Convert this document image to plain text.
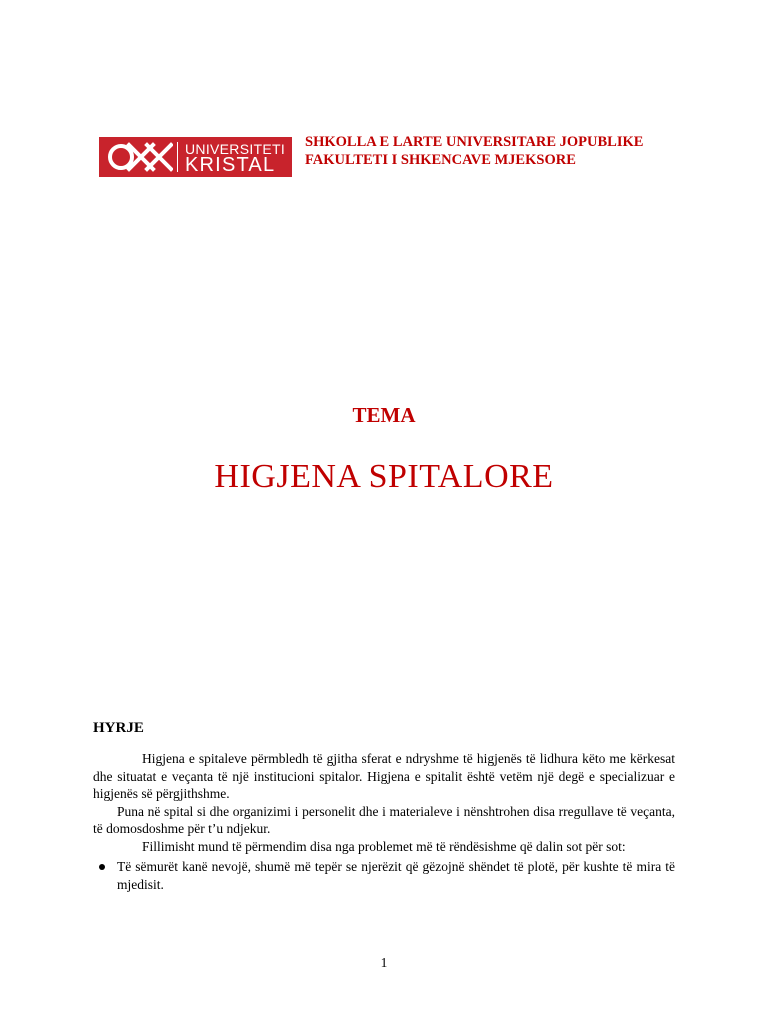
UNIVERSITETI
KRISTAL
SHKOLLA E LARTE UNIVERSITARE JOPUBLIKE
FAKULTETI I SHKENCAVE MJEKSORE
TEMA
HIGJENA SPITALORE
HYRJE

Higjena e spitaleve përmbledh të gjitha sferat e ndryshme të higjenës të lidhura këto me kërkesat dhe situatat e veçanta të një institucioni spitalor. Higjena e spitalit është vetëm një degë e specializuar e higjenës së përgjithshme.

Puna në spital si dhe organizimi i personelit dhe i materialeve i nënshtrohen disa rregullave të veçanta, të domosdoshme për t’u ndjekur.

Fillimisht mund të përmendim disa nga problemet më të rëndësishme që dalin sot për sot:

Të sëmurët kanë nevojë, shumë më tepër se njerëzit që gëzojnë shëndet të plotë, për kushte të mira të mjedisit.
1
